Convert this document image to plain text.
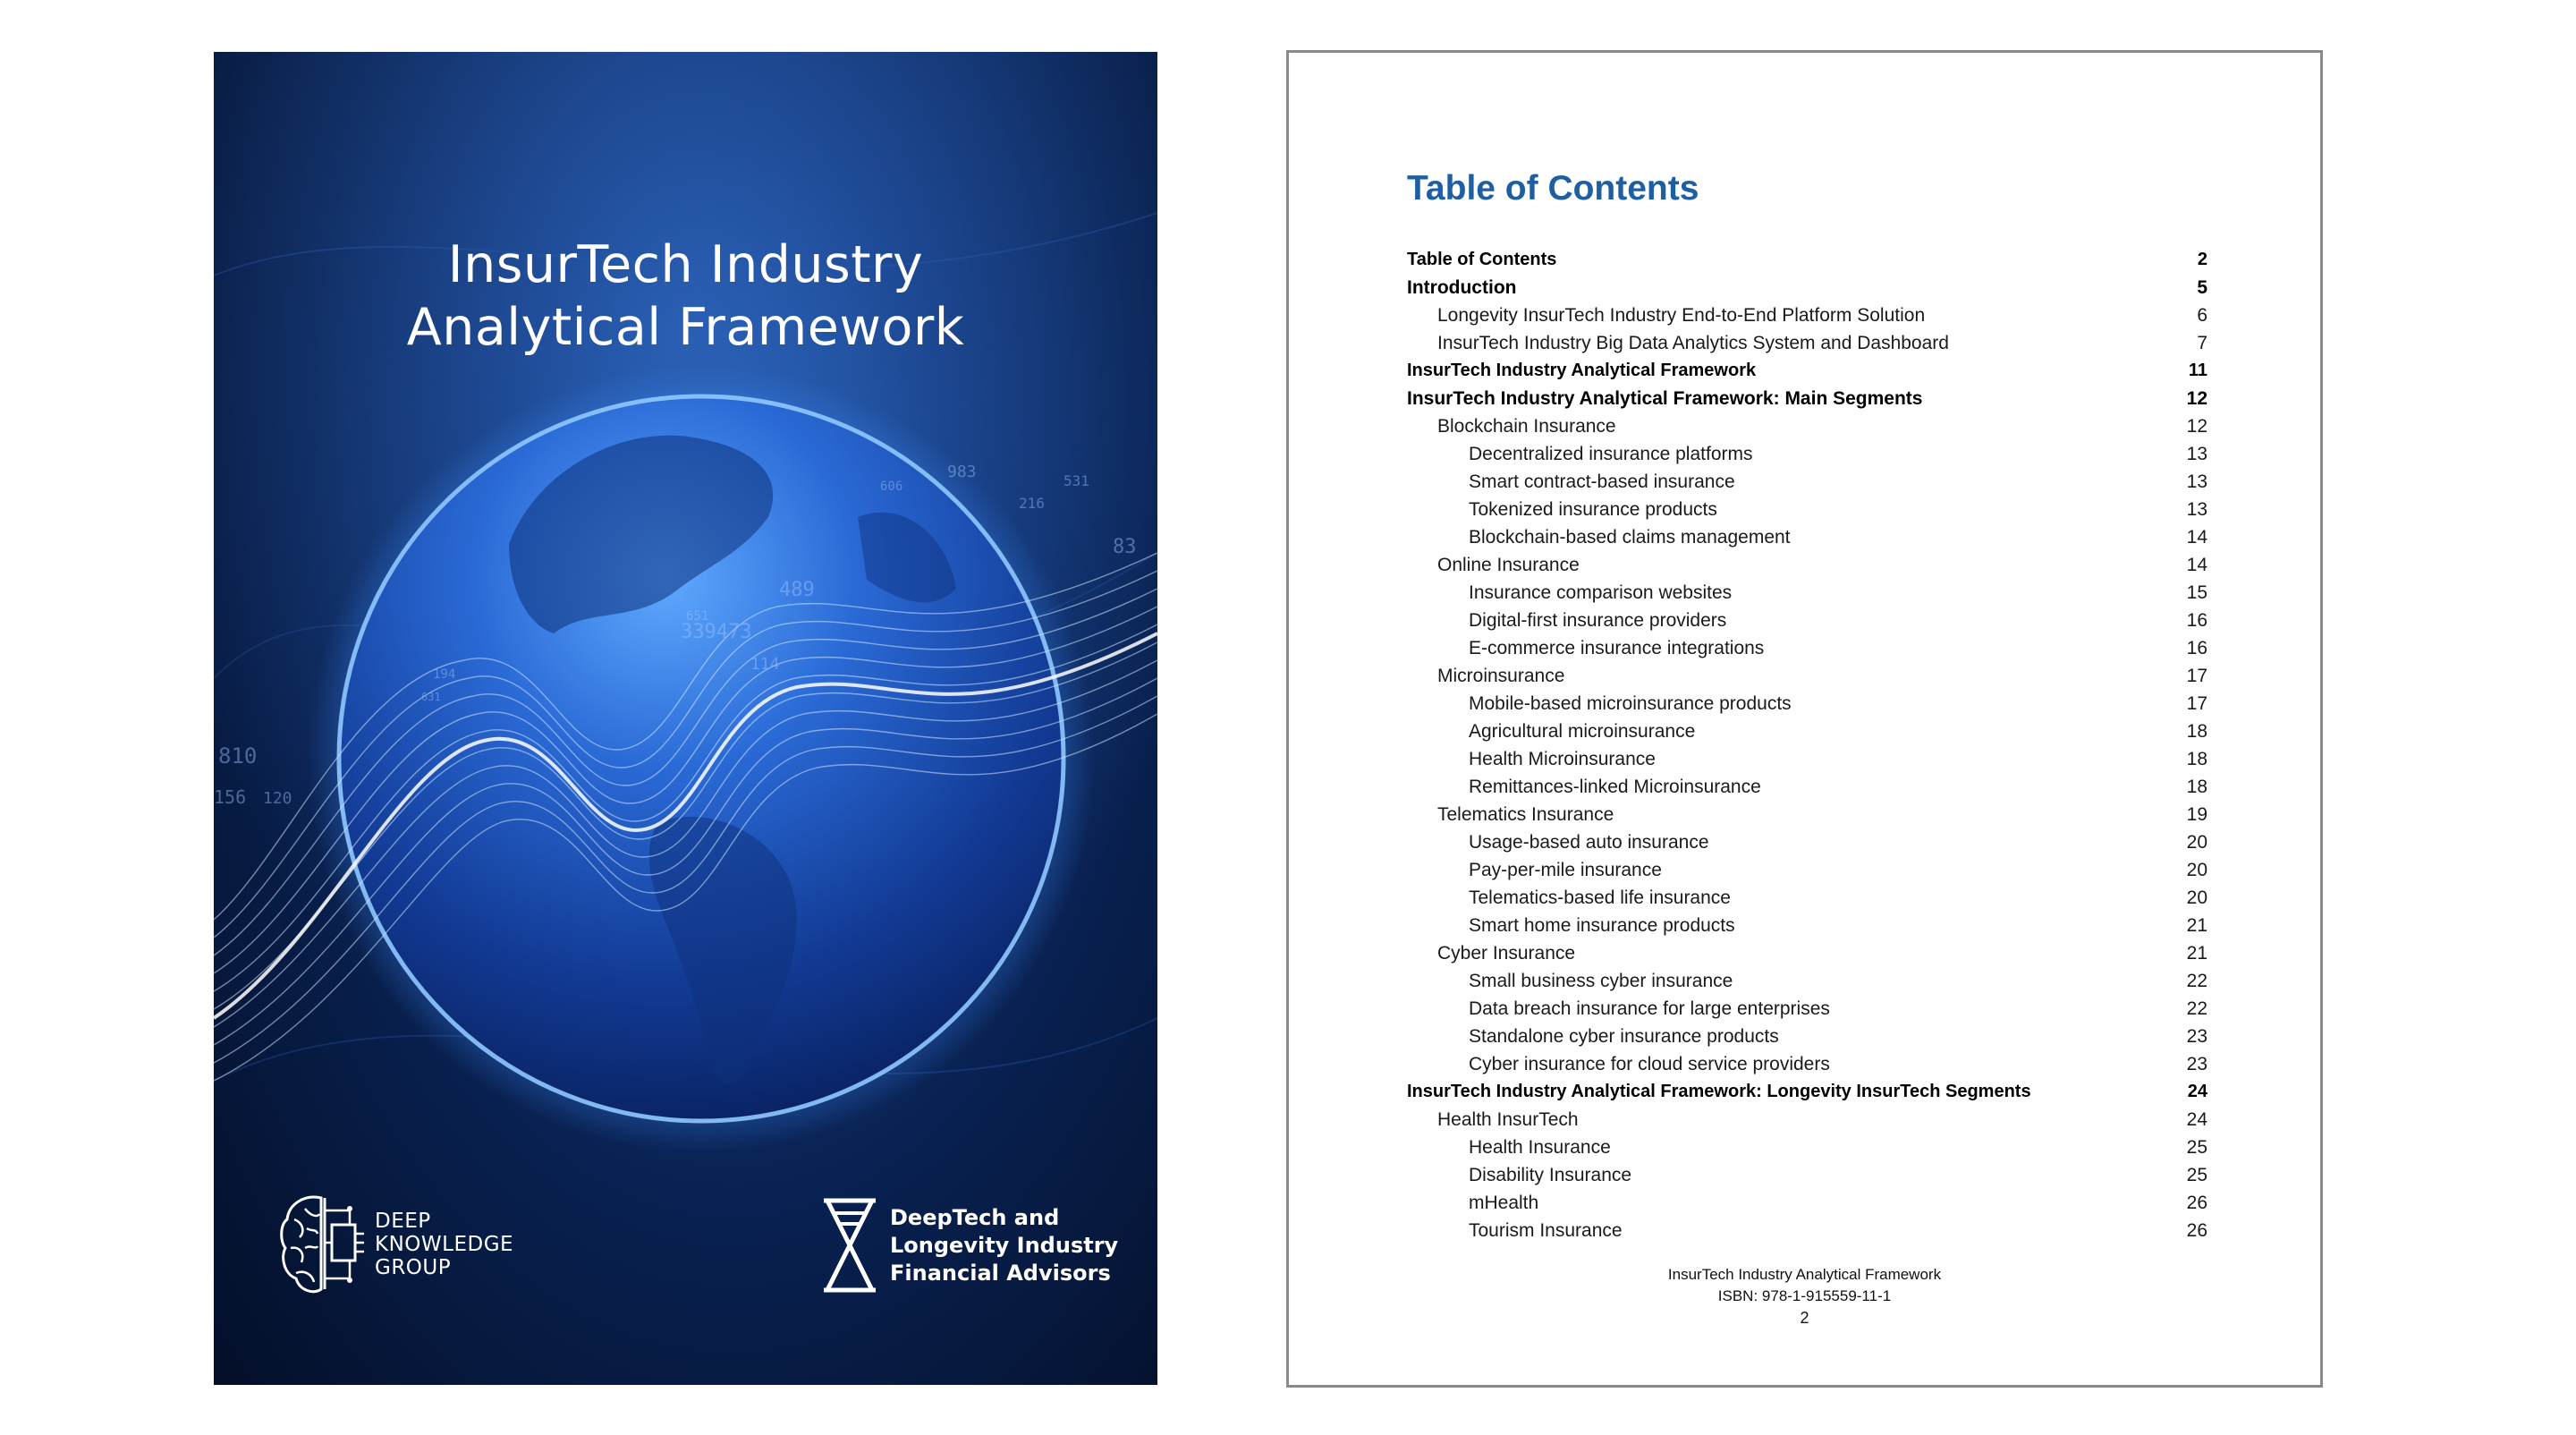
983	531
606
216
83
489
339473
651
114
810
156 120
194
631
InsurTech Industry
Analytical Framework
DEEP
KNOWLEDGE
GROUP
DeepTech and
Longevity Industry
Financial Advisors
Table of Contents
Table of Contents	2
Introduction	5
Longevity InsurTech Industry End-to-End Platform Solution	6
InsurTech Industry Big Data Analytics System and Dashboard	7
InsurTech Industry Analytical Framework	11
InsurTech Industry Analytical Framework: Main Segments	12
Blockchain Insurance	12
Decentralized insurance platforms	13
Smart contract-based insurance	13
Tokenized insurance products	13
Blockchain-based claims management	14
Online Insurance	14
Insurance comparison websites	15
Digital-first insurance providers	16
E-commerce insurance integrations	16
Microinsurance	17
Mobile-based microinsurance products	17
Agricultural microinsurance	18
Health Microinsurance	18
Remittances-linked Microinsurance	18
Telematics Insurance	19
Usage-based auto insurance	20
Pay-per-mile insurance	20
Telematics-based life insurance	20
Smart home insurance products	21
Cyber Insurance	21
Small business cyber insurance	22
Data breach insurance for large enterprises	22
Standalone cyber insurance products	23
Cyber insurance for cloud service providers	23
InsurTech Industry Analytical Framework: Longevity InsurTech Segments	24
Health InsurTech	24
Health Insurance	25
Disability Insurance	25
mHealth	26
Tourism Insurance	26
InsurTech Industry Analytical Framework
ISBN: 978-1-915559-11-1
2
